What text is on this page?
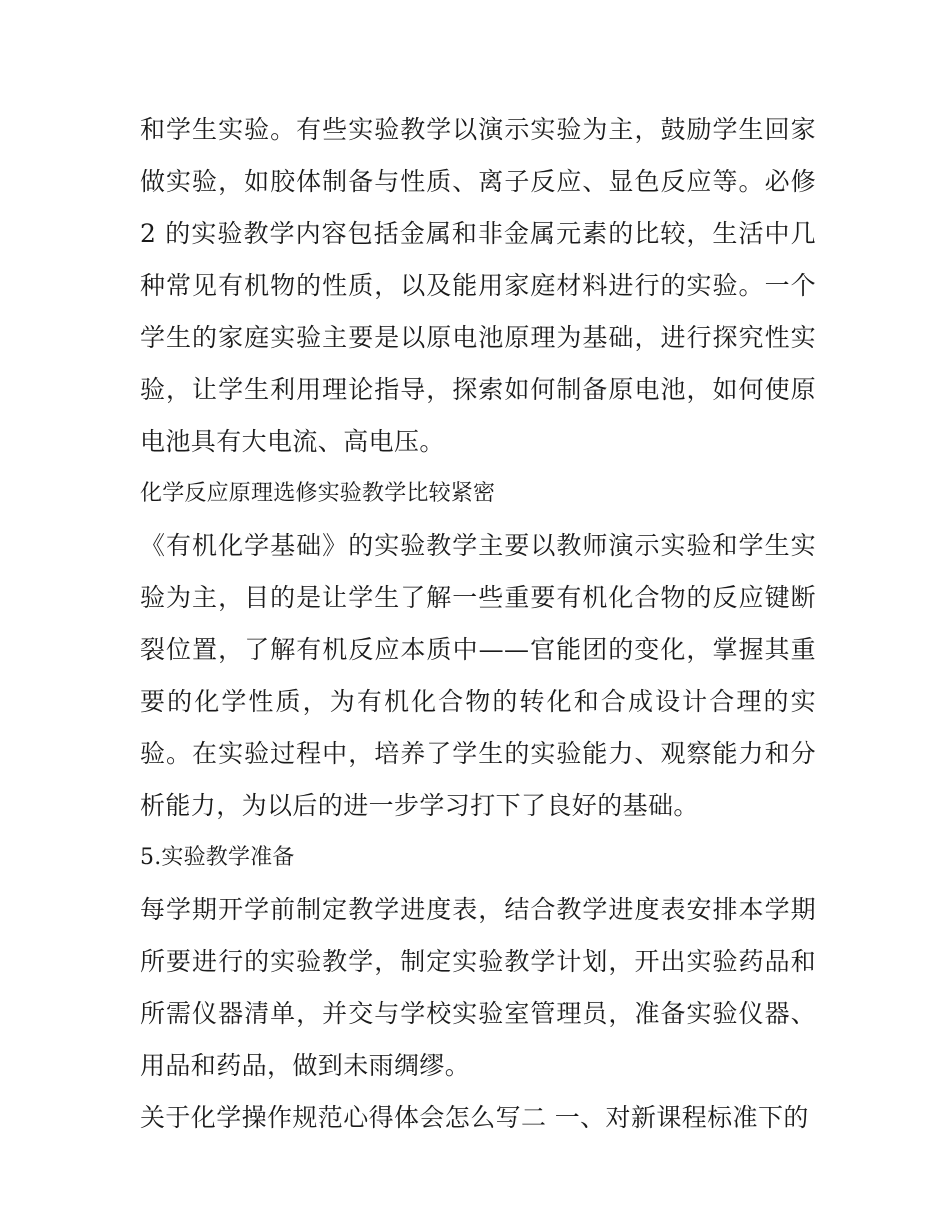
和学生实验。有些实验教学以演示实验为主，鼓励学生回家做实验，如胶体制备与性质、离子反应、显色反应等。必修 2 的实验教学内容包括金属和非金属元素的比较，生活中几种常见有机物的性质，以及能用家庭材料进行的实验。一个学生的家庭实验主要是以原电池原理为基础，进行探究性实验，让学生利用理论指导，探索如何制备原电池，如何使原电池具有大电流、高电压。

化学反应原理选修实验教学比较紧密

《有机化学基础》的实验教学主要以教师演示实验和学生实验为主，目的是让学生了解一些重要有机化合物的反应键断裂位置，了解有机反应本质中——官能团的变化，掌握其重要的化学性质，为有机化合物的转化和合成设计合理的实验。在实验过程中，培养了学生的实验能力、观察能力和分析能力，为以后的进一步学习打下了良好的基础。

5.实验教学准备

每学期开学前制定教学进度表，结合教学进度表安排本学期所要进行的实验教学，制定实验教学计划，开出实验药品和所需仪器清单，并交与学校实验室管理员，准备实验仪器、用品和药品，做到未雨绸缪。

关于化学操作规范心得体会怎么写二 一、对新课程标准下的
